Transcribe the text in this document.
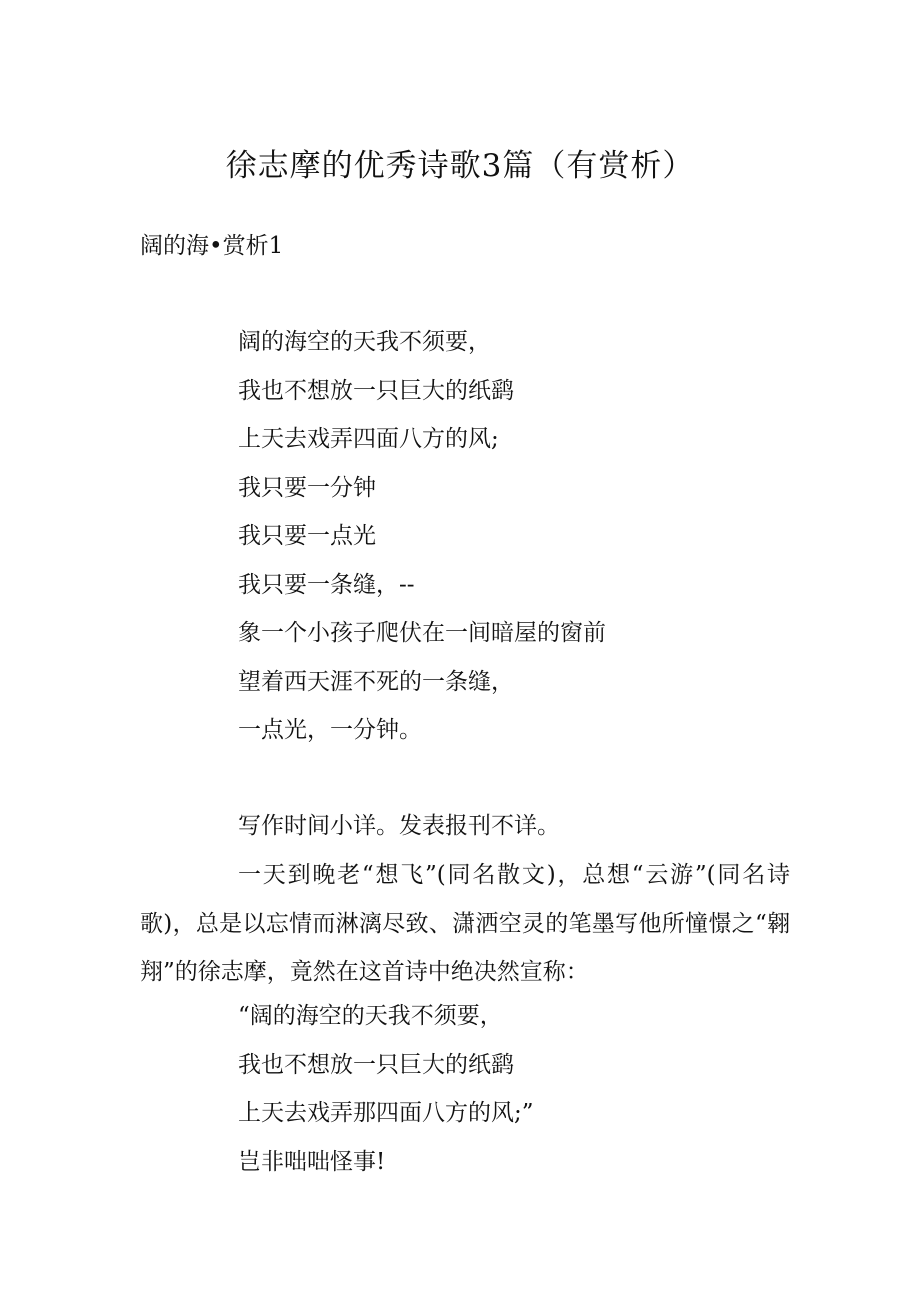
徐志摩的优秀诗歌3篇（有赏析）

阔的海•赏析1

阔的海空的天我不须要，
我也不想放一只巨大的纸鹞
上天去戏弄四面八方的风;
我只要一分钟
我只要一点光
我只要一条缝，--
象一个小孩子爬伏在一间暗屋的窗前
望着西天涯不死的一条缝，
一点光，一分钟。

写作时间小详。发表报刊不详。

一天到晚老“想飞”(同名散文)，总想“云游”(同名诗歌)，总是以忘情而淋漓尽致、潇洒空灵的笔墨写他所憧憬之“翱翔”的徐志摩，竟然在这首诗中绝决然宣称：

“阔的海空的天我不须要，
我也不想放一只巨大的纸鹞
上天去戏弄那四面八方的风;”
岂非咄咄怪事!
